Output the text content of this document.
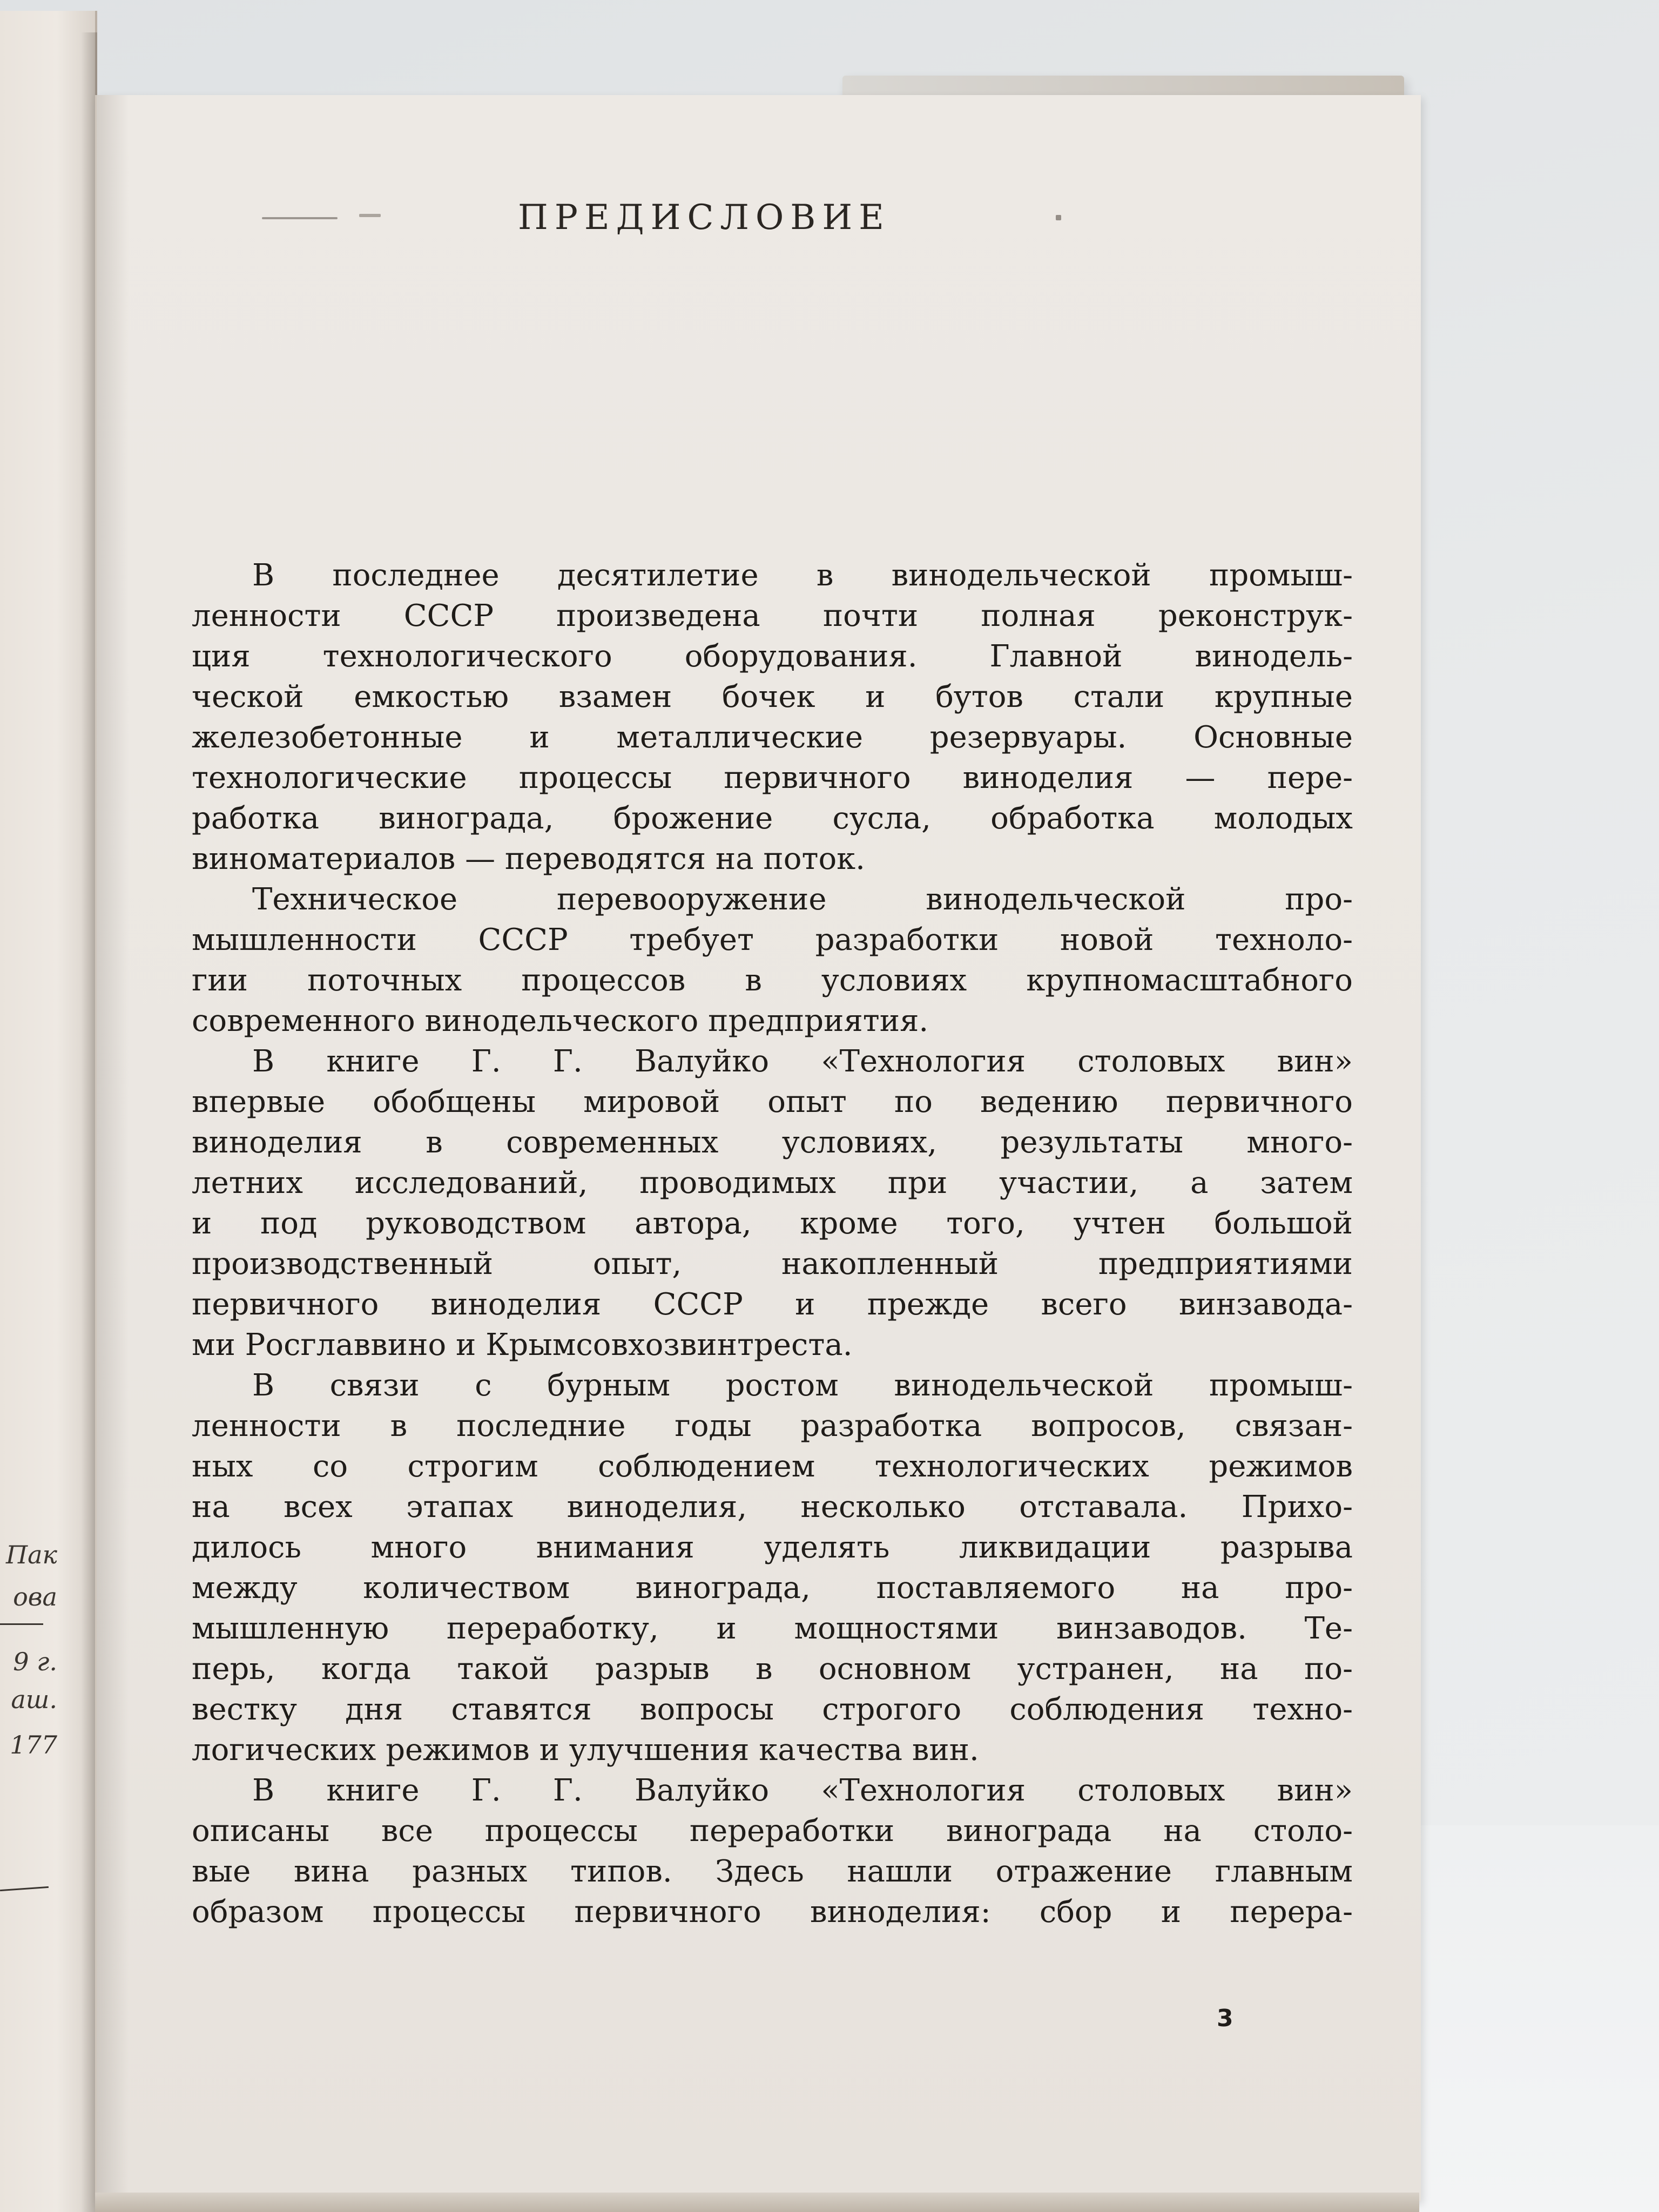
Пак
ова
9 г.
аш.
177
ПРЕДИСЛОВИЕ
В последнее десятилетие в винодельческой промыш-
ленности СССР произведена почти полная реконструк-
ция технологического оборудования. Главной винодель-
ческой емкостью взамен бочек и бутов стали крупные
железобетонные и металлические резервуары. Основные
технологические процессы первичного виноделия — пере-
работка винограда, брожение сусла, обработка молодых
виноматериалов — переводятся на поток.
Техническое перевооружение винодельческой про-
мышленности СССР требует разработки новой техноло-
гии поточных процессов в условиях крупномасштабного
современного винодельческого предприятия.
В книге Г. Г. Валуйко «Технология столовых вин»
впервые обобщены мировой опыт по ведению первичного
виноделия в современных условиях, результаты много-
летних исследований, проводимых при участии, а затем
и под руководством автора, кроме того, учтен большой
производственный опыт, накопленный предприятиями
первичного виноделия СССР и прежде всего винзавода-
ми Росглаввино и Крымсовхозвинтреста.
В связи с бурным ростом винодельческой промыш-
ленности в последние годы разработка вопросов, связан-
ных со строгим соблюдением технологических режимов
на всех этапах виноделия, несколько отставала. Прихо-
дилось много внимания уделять ликвидации разрыва
между количеством винограда, поставляемого на про-
мышленную переработку, и мощностями винзаводов. Те-
перь, когда такой разрыв в основном устранен, на по-
вестку дня ставятся вопросы строгого соблюдения техно-
логических режимов и улучшения качества вин.
В книге Г. Г. Валуйко «Технология столовых вин»
описаны все процессы переработки винограда на столо-
вые вина разных типов. Здесь нашли отражение главным
образом процессы первичного виноделия: сбор и перера-
3
